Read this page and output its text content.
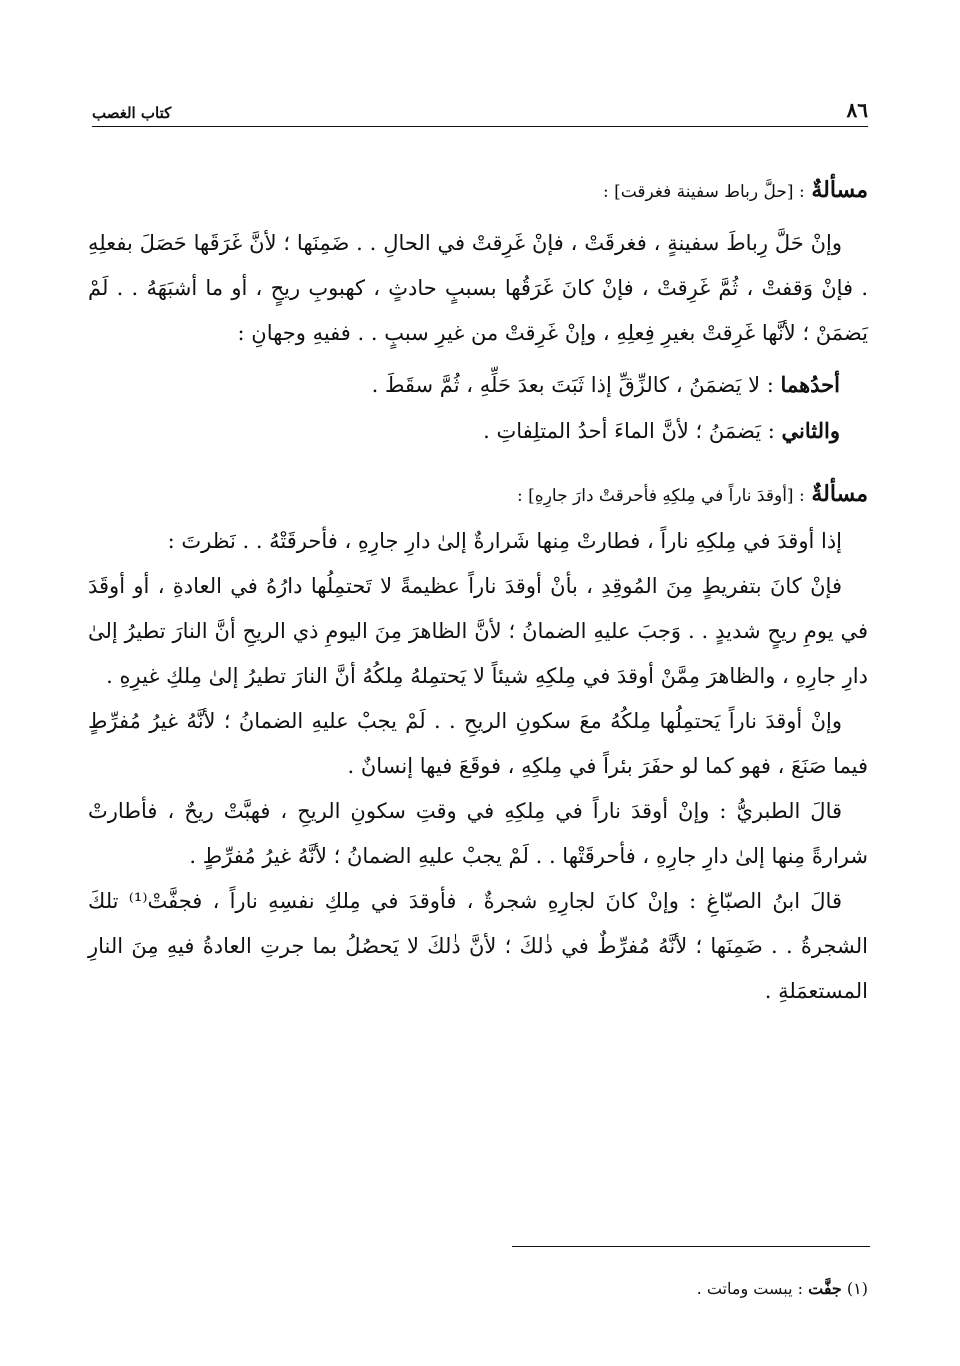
٨٦
كتاب الغصب

مسألةٌ : [حلَّ رباط سفينة فغرقت] :

وإنْ حَلَّ رِباطَ سفينةٍ ، فغرقَتْ ، فإنْ غَرِقتْ في الحالِ . . ضَمِنَها ؛ لأنَّ غَرَقَها حَصَلَ بفعلِهِ . فإنْ وَقفتْ ، ثُمَّ غَرِقتْ ، فإنْ كانَ غَرَقُها بسببٍ حادثٍ ، كهبوبِ ريحٍ ، أو ما أشبَهَهُ . . لَمْ يَضمَنْ ؛ لأنَّها غَرِقتْ بغيرِ فِعلِهِ ، وإنْ غَرِقتْ من غيرِ سببٍ . . ففيهِ وجهانِ :

أحدُهما : لا يَضمَنُ ، كالزِّقِّ إذا ثَبَتَ بعدَ حَلِّهِ ، ثُمَّ سقَطَ .

والثاني : يَضمَنُ ؛ لأنَّ الماءَ أحدُ المتلِفاتِ .

مسألةٌ : [أوقدَ ناراً في مِلكِهِ فأحرقتْ دارَ جارِهِ] :

إذا أوقدَ في مِلكِهِ ناراً ، فطارتْ مِنها شَرارةٌ إلىٰ دارِ جارِهِ ، فأحرقَتْهُ . . نَظرتَ :

فإنْ كانَ بتفريطٍ مِنَ المُوقِدِ ، بأنْ أوقدَ ناراً عظيمةً لا تَحتمِلُها دارُهُ في العادةِ ، أو أوقَدَ في يومِ ريحٍ شديدٍ . . وَجبَ عليهِ الضمانُ ؛ لأنَّ الظاهرَ مِنَ اليومِ ذي الريحِ أنَّ النارَ تطيرُ إلىٰ دارِ جارِهِ ، والظاهرَ مِمَّنْ أوقدَ في مِلكِهِ شيئاً لا يَحتمِلهُ مِلكُهُ أنَّ النارَ تطيرُ إلىٰ مِلكِ غيرِهِ .

وإنْ أوقدَ ناراً يَحتمِلُها مِلكُهُ معَ سكونِ الريحِ . . لَمْ يجبْ عليهِ الضمانُ ؛ لأنَّهُ غيرُ مُفرِّطٍ فيما صَنَعَ ، فهو كما لو حفَرَ بئراً في مِلكِهِ ، فوقَعَ فيها إنسانٌ .

قالَ الطبريُّ : وإنْ أوقدَ ناراً في مِلكِهِ في وقتِ سكونِ الريحِ ، فهبَّتْ ريحٌ ، فأطارتْ شرارةً مِنها إلىٰ دارِ جارِهِ ، فأحرقَتْها . . لَمْ يجبْ عليهِ الضمانُ ؛ لأنَّهُ غيرُ مُفرِّطٍ .

قالَ ابنُ الصبّاغِ : وإنْ كانَ لجارِهِ شجرةٌ ، فأوقدَ في مِلكِ نفسِهِ ناراً ، فجفَّتْ⁽¹⁾ تلكَ الشجرةُ . . ضَمِنَها ؛ لأنَّهُ مُفرِّطٌ في ذٰلكَ ؛ لأنَّ ذٰلكَ لا يَحصُلُ بما جرتِ العادةُ فيهِ مِنَ النارِ المستعمَلةِ .

(١) جفَّت : يبست وماتت .
